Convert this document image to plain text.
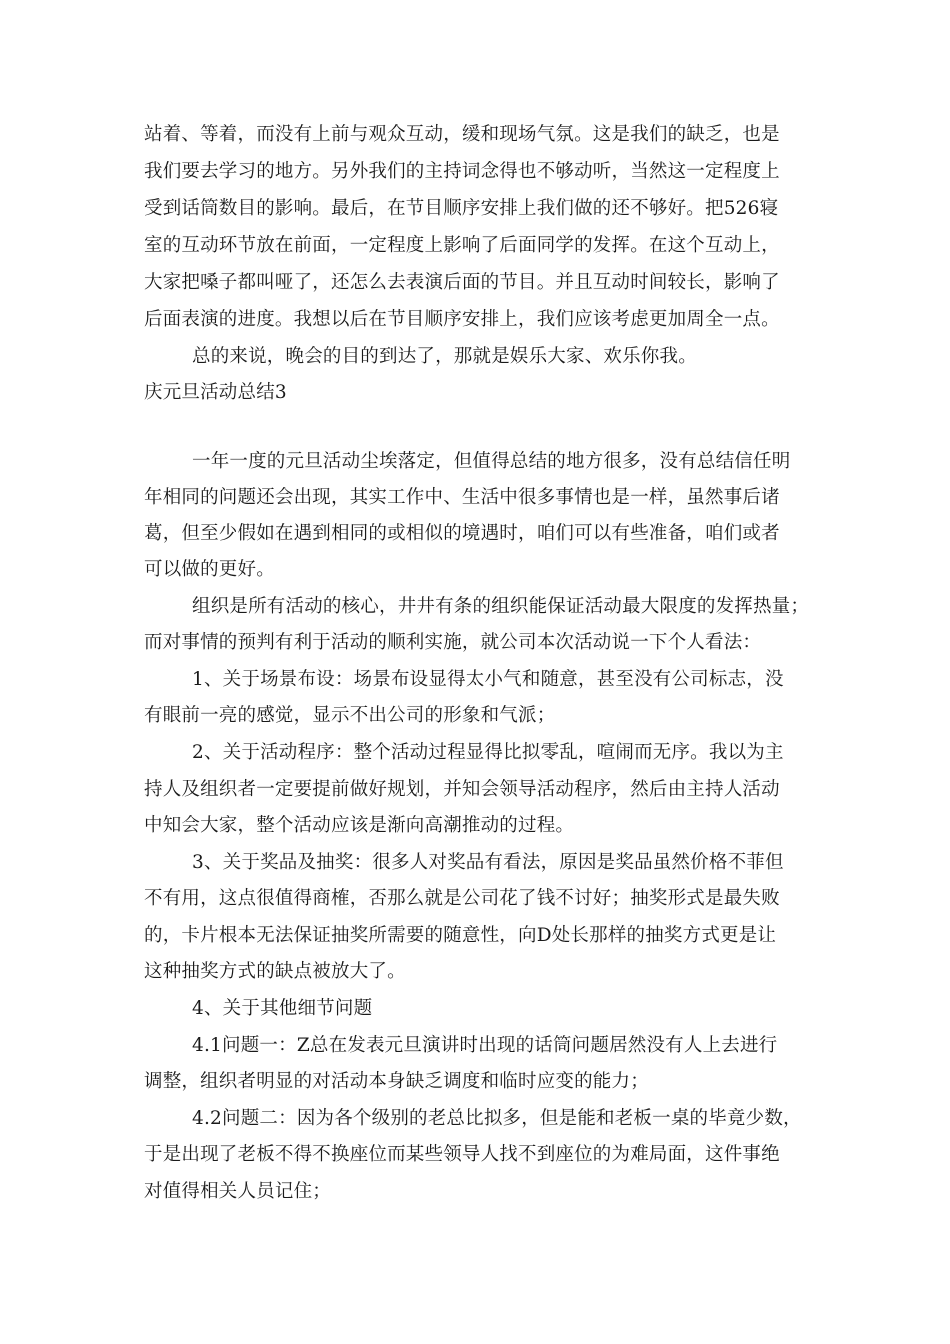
站着、等着，而没有上前与观众互动，缓和现场气氛。这是我们的缺乏，也是
我们要去学习的地方。另外我们的主持词念得也不够动听，当然这一定程度上
受到话筒数目的影响。最后，在节目顺序安排上我们做的还不够好。把526寝
室的互动环节放在前面，一定程度上影响了后面同学的发挥。在这个互动上，
大家把嗓子都叫哑了，还怎么去表演后面的节目。并且互动时间较长，影响了
后面表演的进度。我想以后在节目顺序安排上，我们应该考虑更加周全一点。
总的来说，晚会的目的到达了，那就是娱乐大家、欢乐你我。
庆元旦活动总结3
一年一度的元旦活动尘埃落定，但值得总结的地方很多，没有总结信任明
年相同的问题还会出现，其实工作中、生活中很多事情也是一样，虽然事后诸
葛，但至少假如在遇到相同的或相似的境遇时，咱们可以有些准备，咱们或者
可以做的更好。
组织是所有活动的核心，井井有条的组织能保证活动最大限度的发挥热量；
而对事情的预判有利于活动的顺利实施，就公司本次活动说一下个人看法：
1、关于场景布设：场景布设显得太小气和随意，甚至没有公司标志，没
有眼前一亮的感觉，显示不出公司的形象和气派；
2、关于活动程序：整个活动过程显得比拟零乱，喧闹而无序。我以为主
持人及组织者一定要提前做好规划，并知会领导活动程序，然后由主持人活动
中知会大家，整个活动应该是渐向高潮推动的过程。
3、关于奖品及抽奖：很多人对奖品有看法，原因是奖品虽然价格不菲但
不有用，这点很值得商榷，否那么就是公司花了钱不讨好；抽奖形式是最失败
的，卡片根本无法保证抽奖所需要的随意性，向D处长那样的抽奖方式更是让
这种抽奖方式的缺点被放大了。
4、关于其他细节问题
4.1问题一：Z总在发表元旦演讲时出现的话筒问题居然没有人上去进行
调整，组织者明显的对活动本身缺乏调度和临时应变的能力；
4.2问题二：因为各个级别的老总比拟多，但是能和老板一桌的毕竟少数，
于是出现了老板不得不换座位而某些领导人找不到座位的为难局面，这件事绝
对值得相关人员记住；
